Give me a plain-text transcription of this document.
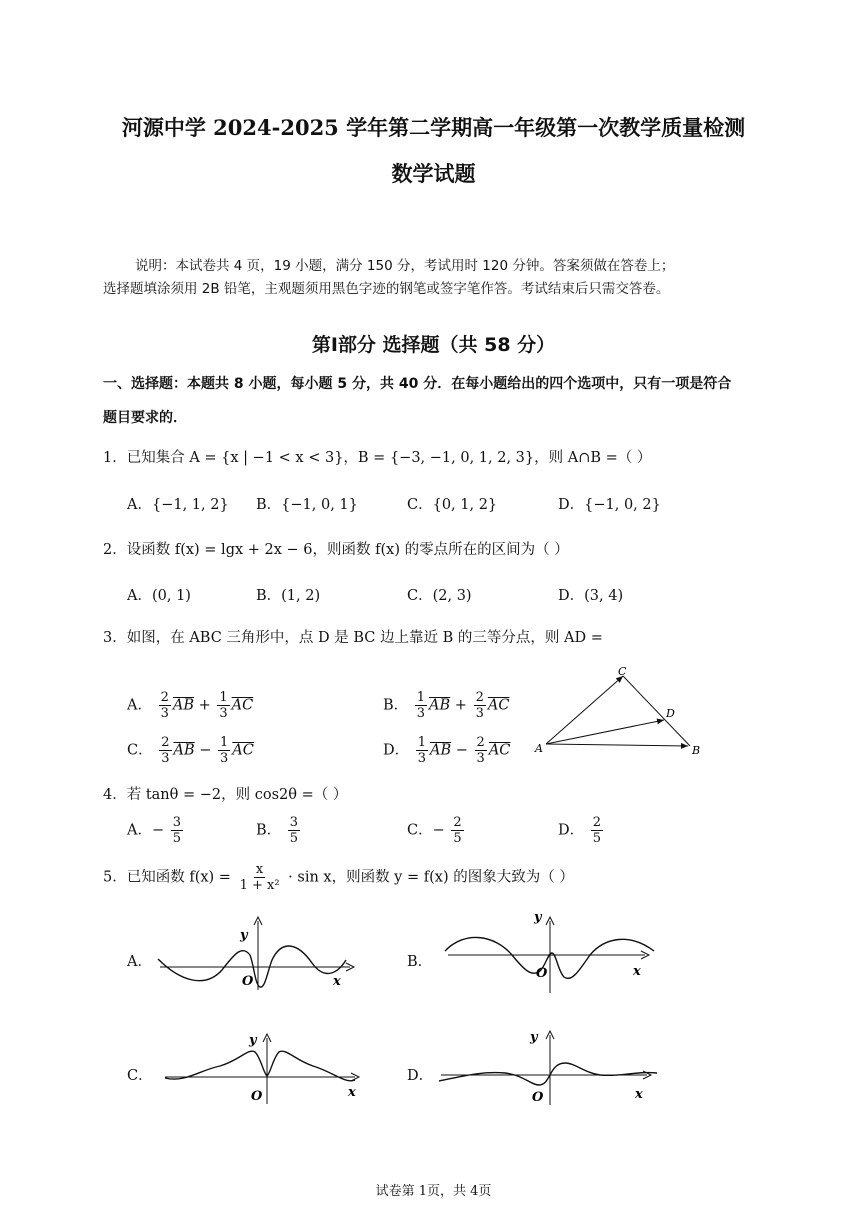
河源中学 2024-2025 学年第二学期高一年级第一次教学质量检测
数学试题
说明：本试卷共 4 页，19 小题，满分 150 分，考试用时 120 分钟。答案须做在答卷上；
选择题填涂须用 2B 铅笔，主观题须用黑色字迹的钢笔或签字笔作答。考试结束后只需交答卷。
第Ⅰ部分 选择题（共 58 分）
一、选择题：本题共 8 小题，每小题 5 分，共 40 分．在每小题给出的四个选项中，只有一项是符合
题目要求的．
1．已知集合 A = {x | −1 < x < 3}，B = {−3, −1, 0, 1, 2, 3}，则 A∩B =（ ）
A．{−1, 1, 2} B．{−1, 0, 1}	C．{0, 1, 2}	D．{−1, 0, 2}
2．设函数 f(x) = lgx + 2x − 6，则函数 f(x) 的零点所在的区间为（ ）
A．(0, 1)	B．(1, 2)	C．(2, 3)	D．(3, 4)
3．如图，在 ABC 三角形中，点 D 是 BC 边上靠近 B 的三等分点，则 AD =
A． $\frac{2}{3} \overline{AB} + \frac{1}{3} \overline{AC}$	B． $\frac{1}{3} \overline{AB} + \frac{2}{3} \overline{AC}$
C． $\frac{2}{3} \overline{AB} - \frac{1}{3} \overline{AC}$	D． $\frac{1}{3} \overline{AB} - \frac{2}{3} \overline{AC}$ A	B
C
D
4．若 tanθ = −2，则 cos2θ =（ ）
A．− $\frac{3}{5}$	B． $\frac{3}{5}$	C．− $\frac{2}{5}$	D． $\frac{2}{5}$
5．已知函数 $f(x) = \frac{x}{\text{1 + x²}} \cdot \sin x$，则函数 y = f(x) 的图象大致为（ ）
A．	B．
C．	D．
y
O	x
y
O	x
y
O	x
y
O	x
试卷第 1页，共 4页
